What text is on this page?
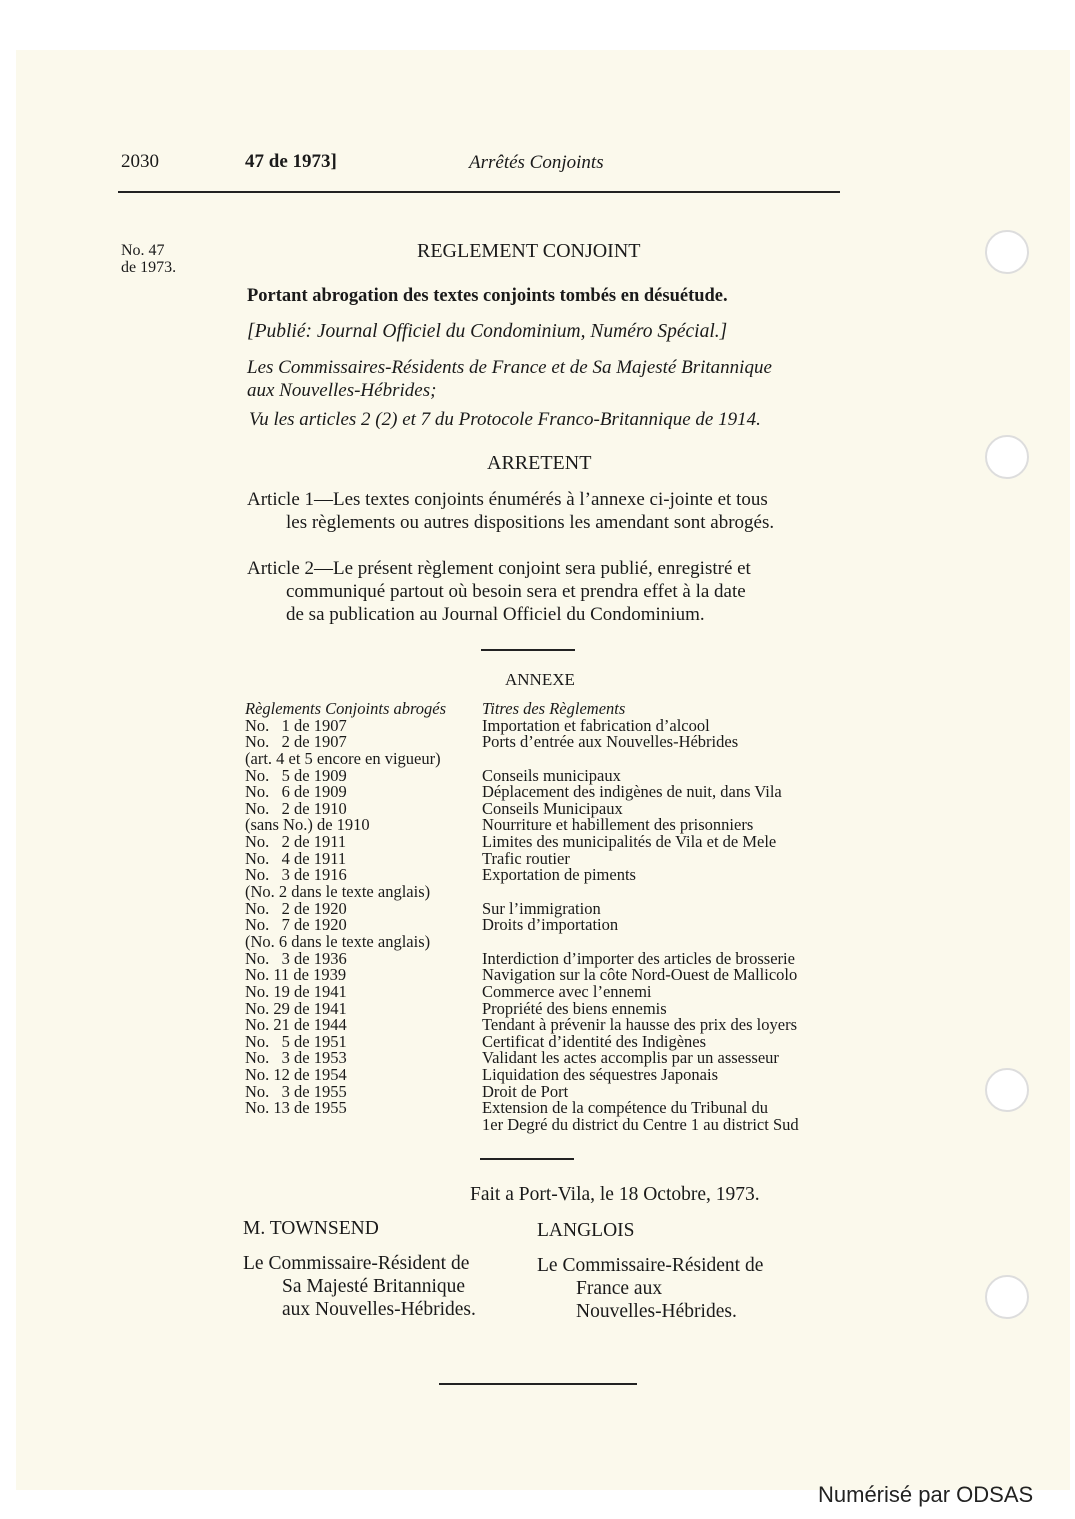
2030	47 de 1973]	Arrêtés Conjoints
No. 47
de 1973.
REGLEMENT CONJOINT
Portant abrogation des textes conjoints tombés en désuétude.
[Publié: Journal Officiel du Condominium, Numéro Spécial.]
Les Commissaires-Résidents de France et de Sa Majesté Britannique
aux Nouvelles-Hébrides;
Vu les articles 2 (2) et 7 du Protocole Franco-Britannique de 1914.
ARRETENT
Article 1—Les textes conjoints énumérés à l’annexe ci-jointe et tous
les règlements ou autres dispositions les amendant sont abrogés.
Article 2—Le présent règlement conjoint sera publié, enregistré et
communiqué partout où besoin sera et prendra effet à la date
de sa publication au Journal Officiel du Condominium.
ANNEXE
Règlements Conjoints abrogés	Titres des Règlements
No.   1 de 1907	Importation et fabrication d’alcool
No.   2 de 1907	Ports d’entrée aux Nouvelles-Hébrides
(art. 4 et 5 encore en vigueur)
No.   5 de 1909	Conseils municipaux
No.   6 de 1909	Déplacement des indigènes de nuit, dans Vila
No.   2 de 1910	Conseils Municipaux
(sans No.) de 1910	Nourriture et habillement des prisonniers
No.   2 de 1911	Limites des municipalités de Vila et de Mele
No.   4 de 1911	Trafic routier
No.   3 de 1916	Exportation de piments
(No. 2 dans le texte anglais)
No.   2 de 1920	Sur l’immigration
No.   7 de 1920	Droits d’importation
(No. 6 dans le texte anglais)
No.   3 de 1936	Interdiction d’importer des articles de brosserie
No. 11 de 1939	Navigation sur la côte Nord-Ouest de Mallicolo
No. 19 de 1941	Commerce avec l’ennemi
No. 29 de 1941	Propriété des biens ennemis
No. 21 de 1944	Tendant à prévenir la hausse des prix des loyers
No.   5 de 1951	Certificat d’identité des Indigènes
No.   3 de 1953	Validant les actes accomplis par un assesseur
No. 12 de 1954	Liquidation des séquestres Japonais
No.   3 de 1955	Droit de Port
No. 13 de 1955	Extension de la compétence du Tribunal du
1er Degré du district du Centre 1 au district Sud
Fait a Port-Vila, le 18 Octobre, 1973.
M. TOWNSEND
Le Commissaire-Résident de
Sa Majesté Britannique
aux Nouvelles-Hébrides.
LANGLOIS
Le Commissaire-Résident de
France aux
Nouvelles-Hébrides.
Numérisé par ODSAS
